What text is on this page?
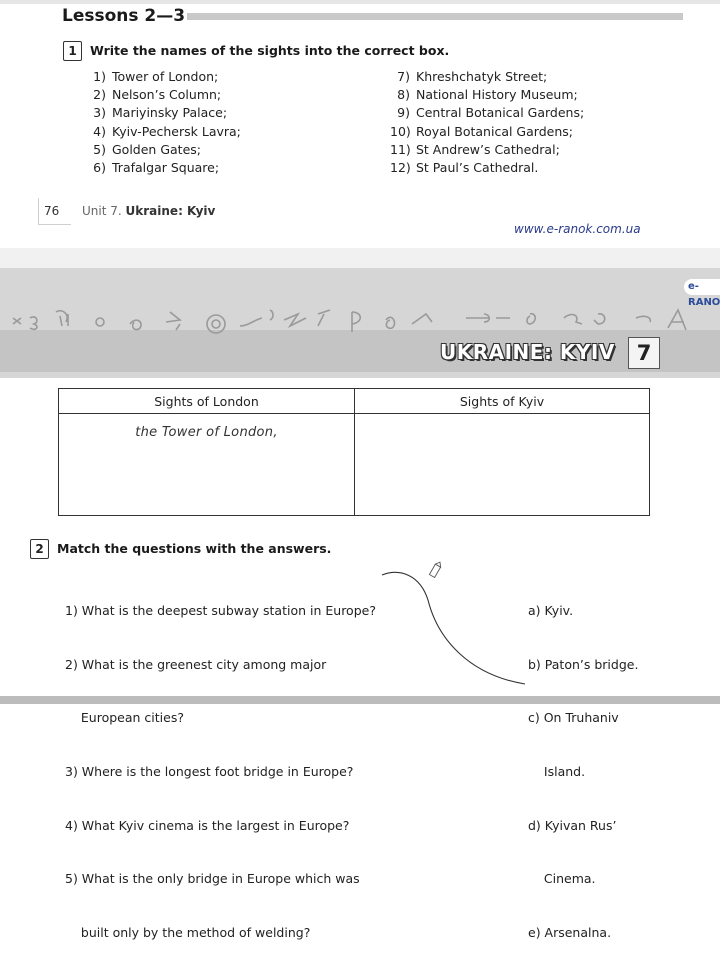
Lessons 2—3
1	Write the names of the sights into the correct box.
1) Tower of London;
2) Nelson’s Column;
3) Mariyinsky Palace;
4) Kyiv-Pechersk Lavra;
5) Golden Gates;
6) Trafalgar Square;
7) Khreshchatyk Street;
8) National History Museum;
9) Central Botanical Gardens;
10) Royal Botanical Gardens;
11) St Andrew’s Cathedral;
12) St Paul’s Cathedral.
76 Unit 7. Ukraine: Kyiv
www.e-ranok.com.ua
e-RANO
UKRAINE: KYIV	7
Sights of London	Sights of Kyiv
the Tower of London,	
2	Match the questions with the answers.

1) What is the deepest subway station in Europe?

2) What is the greenest city among major

European cities?

3) Where is the longest foot bridge in Europe?

4) What Kyiv cinema is the largest in Europe?

5) What is the only bridge in Europe which was

built only by the method of welding?

a) Kyiv.

b) Paton’s bridge.

c) On Truhaniv

Island.

d) Kyivan Rus’

Cinema.

e) Arsenalna.
